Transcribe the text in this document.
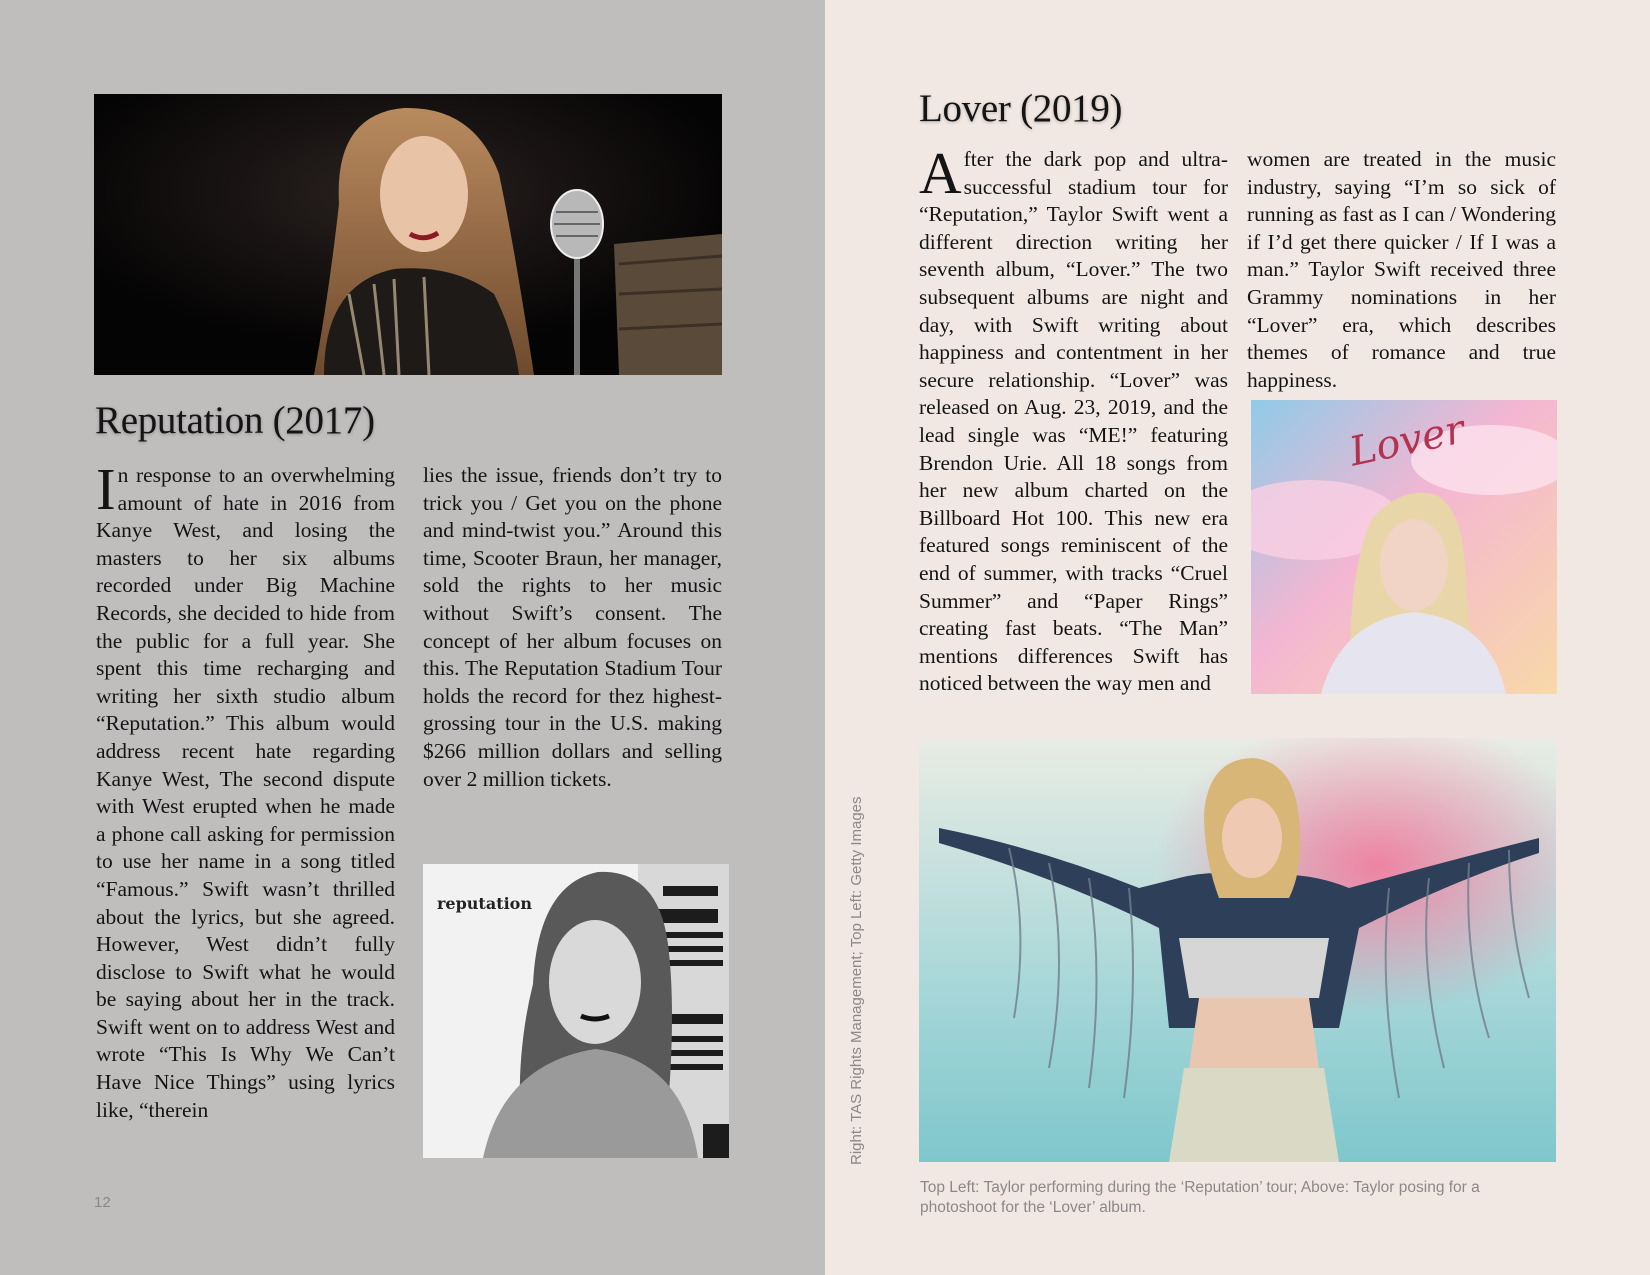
Reputation (2017)
In response to an overwhelming amount of hate in 2016 from Kanye West, and losing the masters to her six albums recorded under Big Machine Records, she decided to hide from the public for a full year. She spent this time recharging and writing her sixth studio album “Reputation.” This album would address recent hate regarding Kanye West, The second dispute with West erupted when he made a phone call asking for permission to use her name in a song titled “Famous.” Swift wasn’t thrilled about the lyrics, but she agreed. However, West didn’t fully disclose to Swift what he would be saying about her in the track. Swift went on to address West and wrote “This Is Why We Can’t Have Nice Things” using lyrics like, “therein
lies the issue, friends don’t try to trick you / Get you on the phone and mind-twist you.” Around this time, Scooter Braun, her manager, sold the rights to her music without Swift’s consent. The concept of her album focuses on this. The Reputation Stadium Tour holds the record for thez highest-grossing tour in the U.S. making $266 million dollars and selling over 2 million tickets.
reputation
12
Lover (2019)
After the dark pop and ultra-successful stadium tour for “Reputation,” Taylor Swift went a different direction writing her seventh album, “Lover.” The two subsequent albums are night and day, with Swift writing about happiness and contentment in her secure relationship. “Lover” was released on Aug. 23, 2019, and the lead single was “ME!” featuring Brendon Urie. All 18 songs from her new album charted on the Billboard Hot 100. This new era featured songs reminiscent of the end of summer, with tracks “Cruel Summer” and “Paper Rings” creating fast beats. “The Man” mentions differences Swift has noticed between the way men and
women are treated in the music industry, saying “I’m so sick of running as fast as I can / Wondering if I’d get there quicker / If I was a man.” Taylor Swift received three Grammy nominations in her “Lover” era, which describes themes of romance and true happiness.
Lover
Right: TAS Rights Management; Top Left: Getty Images

Top Left: Taylor performing during the ‘Reputation’ tour; Above: Taylor posing for a photoshoot for the ‘Lover’ album.
